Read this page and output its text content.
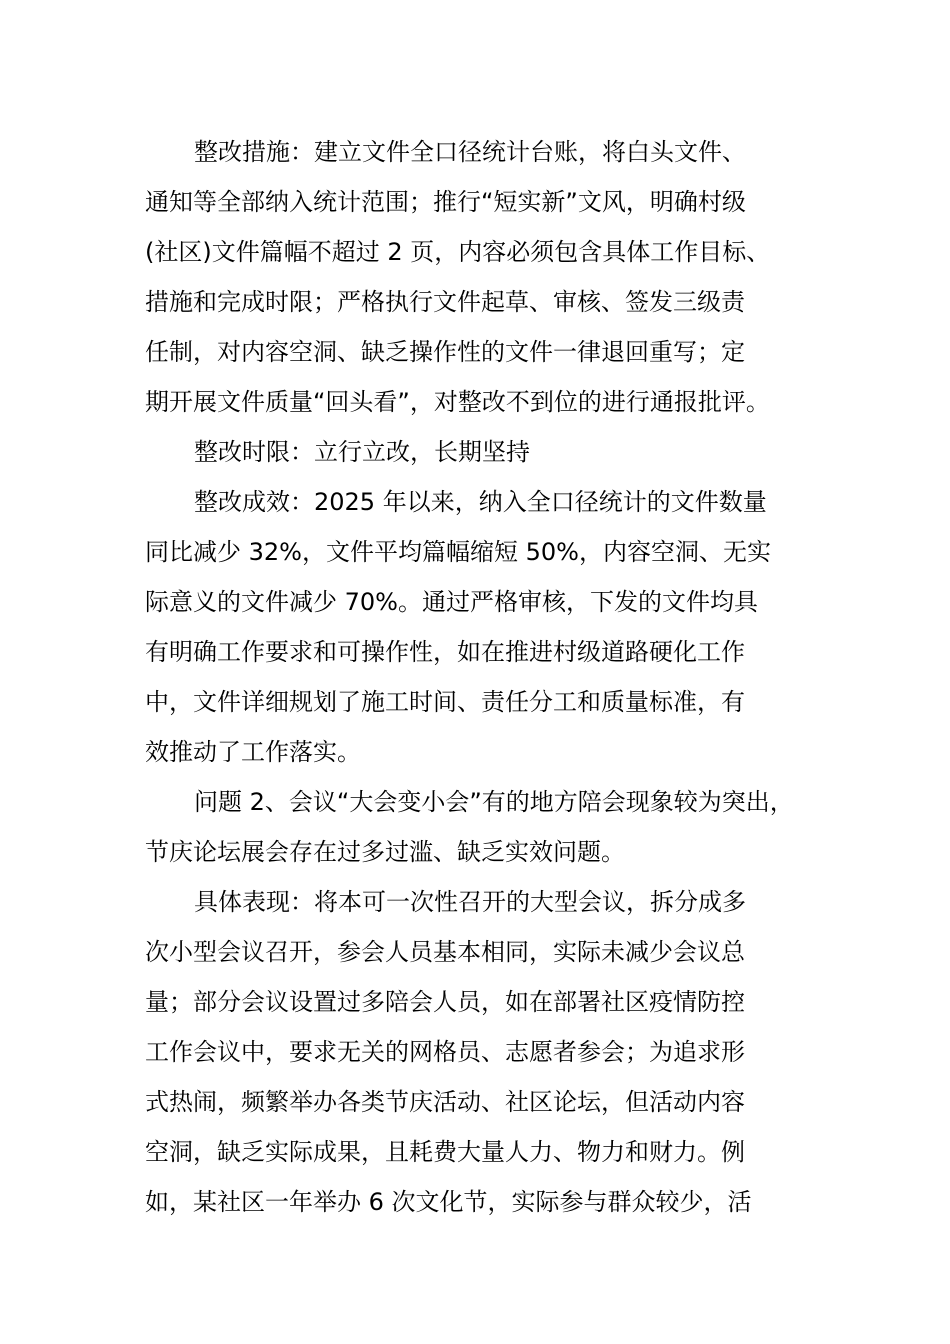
整改措施：建立文件全口径统计台账，将白头文件、
通知等全部纳入统计范围；推行“短实新”文风，明确村级
(社区)文件篇幅不超过 2 页，内容必须包含具体工作目标、
措施和完成时限；严格执行文件起草、审核、签发三级责
任制，对内容空洞、缺乏操作性的文件一律退回重写；定
期开展文件质量“回头看”，对整改不到位的进行通报批评。
整改时限：立行立改，长期坚持
整改成效：2025 年以来，纳入全口径统计的文件数量
同比减少 32%，文件平均篇幅缩短 50%，内容空洞、无实
际意义的文件减少 70%。通过严格审核，下发的文件均具
有明确工作要求和可操作性，如在推进村级道路硬化工作
中，文件详细规划了施工时间、责任分工和质量标准，有
效推动了工作落实。
问题 2、会议“大会变小会”有的地方陪会现象较为突出，
节庆论坛展会存在过多过滥、缺乏实效问题。
具体表现：将本可一次性召开的大型会议，拆分成多
次小型会议召开，参会人员基本相同，实际未减少会议总
量；部分会议设置过多陪会人员，如在部署社区疫情防控
工作会议中，要求无关的网格员、志愿者参会；为追求形
式热闹，频繁举办各类节庆活动、社区论坛，但活动内容
空洞，缺乏实际成果，且耗费大量人力、物力和财力。例
如，某社区一年举办 6 次文化节，实际参与群众较少，活
